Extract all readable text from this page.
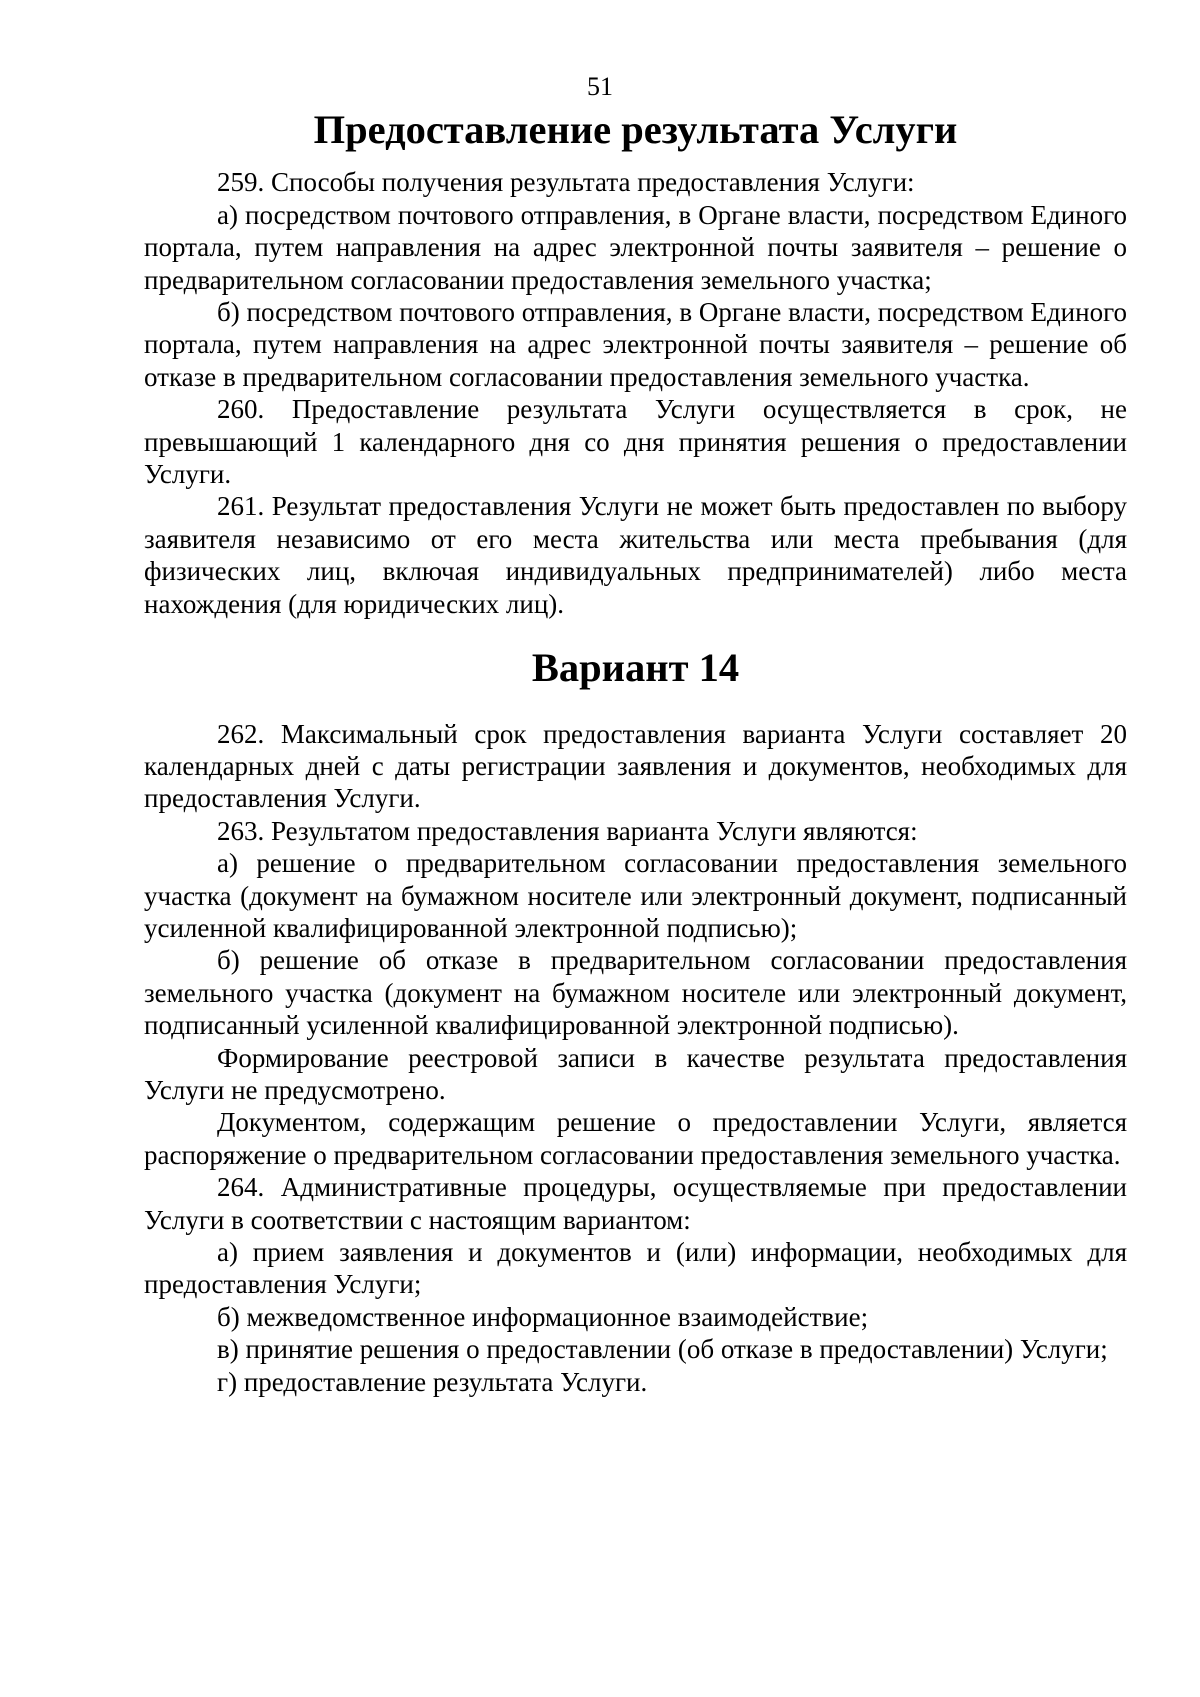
51
Предоставление результата Услуги

259. Способы получения результата предоставления Услуги:

а) посредством почтового отправления, в Органе власти, посредством Единого портала, путем направления на адрес электронной почты заявителя – решение о предварительном согласовании предоставления земельного участка;

б) посредством почтового отправления, в Органе власти, посредством Единого портала, путем направления на адрес электронной почты заявителя – решение об отказе в предварительном согласовании предоставления земельного участка.

260. Предоставление результата Услуги осуществляется в срок, не превышающий 1 календарного дня со дня принятия решения о предоставлении Услуги.

261. Результат предоставления Услуги не может быть предоставлен по выбору заявителя независимо от его места жительства или места пребывания (для физических лиц, включая индивидуальных предпринимателей) либо места нахождения (для юридических лиц).

Вариант 14

262. Максимальный срок предоставления варианта Услуги составляет 20 календарных дней с даты регистрации заявления и документов, необходимых для предоставления Услуги.

263. Результатом предоставления варианта Услуги являются:

а) решение о предварительном согласовании предоставления земельного участка (документ на бумажном носителе или электронный документ, подписанный усиленной квалифицированной электронной подписью);

б) решение об отказе в предварительном согласовании предоставления земельного участка (документ на бумажном носителе или электронный документ, подписанный усиленной квалифицированной электронной подписью).

Формирование реестровой записи в качестве результата предоставления Услуги не предусмотрено.

Документом, содержащим решение о предоставлении Услуги, является распоряжение о предварительном согласовании предоставления земельного участка.

264. Административные процедуры, осуществляемые при предоставлении Услуги в соответствии с настоящим вариантом:

а) прием заявления и документов и (или) информации, необходимых для предоставления Услуги;

б) межведомственное информационное взаимодействие;

в) принятие решения о предоставлении (об отказе в предоставлении) Услуги;

г) предоставление результата Услуги.
